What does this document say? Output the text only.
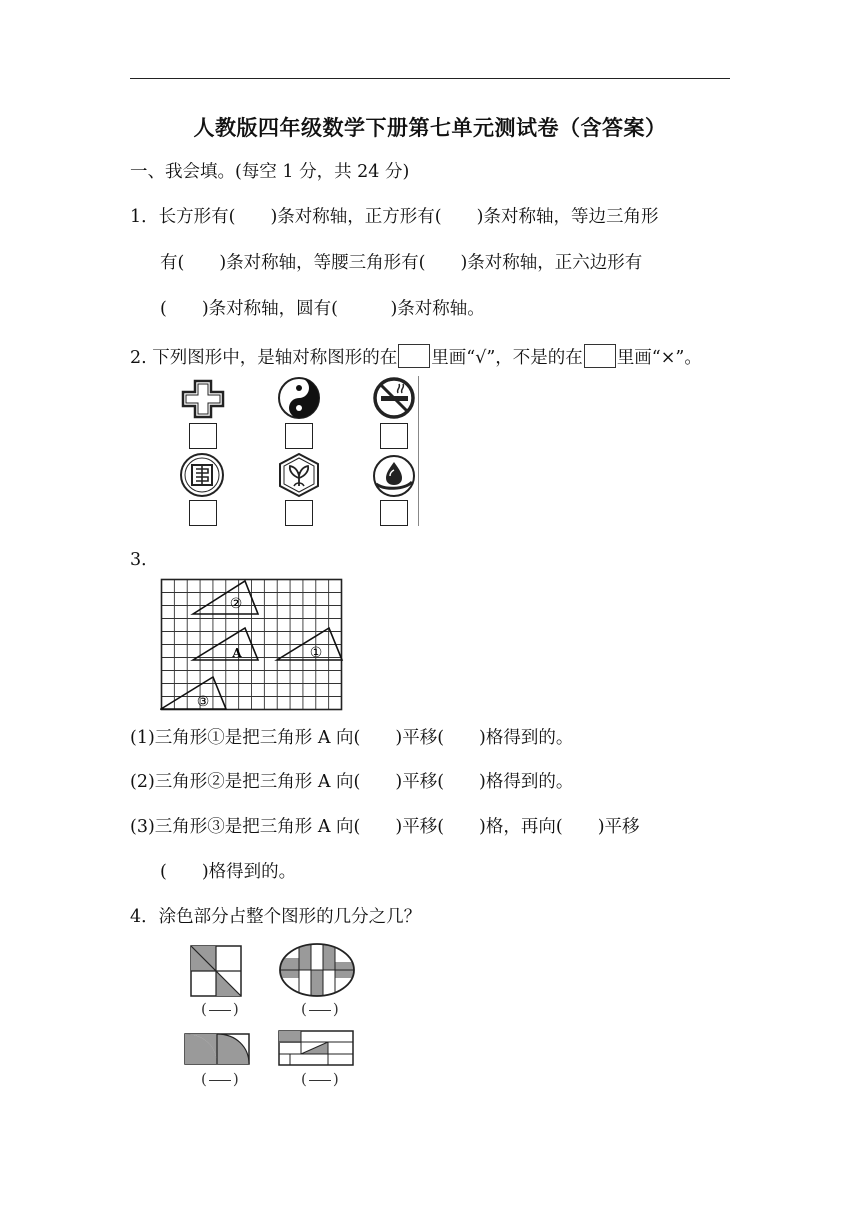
人教版四年级数学下册第七单元测试卷（含答案）
一、我会填。(每空 1 分，共 24 分)
1．长方形有(　　)条对称轴，正方形有(　　)条对称轴，等边三角形
有(　　)条对称轴，等腰三角形有(　　)条对称轴，正六边形有
(　　)条对称轴，圆有(　　　)条对称轴。
2. 下列图形中，是轴对称图形的在 里画“√”，不是的在 里画“×”。
3．
②
A	①
③
(1)三角形①是把三角形 A 向(　　)平移(　　)格得到的。
(2)三角形②是把三角形 A 向(　　)平移(　　)格得到的。
(3)三角形③是把三角形 A 向(　　)平移(　　)格，再向(　　)平移
(　　)格得到的。
4．涂色部分占整个图形的几分之几？
( )	( )
( )	( )
